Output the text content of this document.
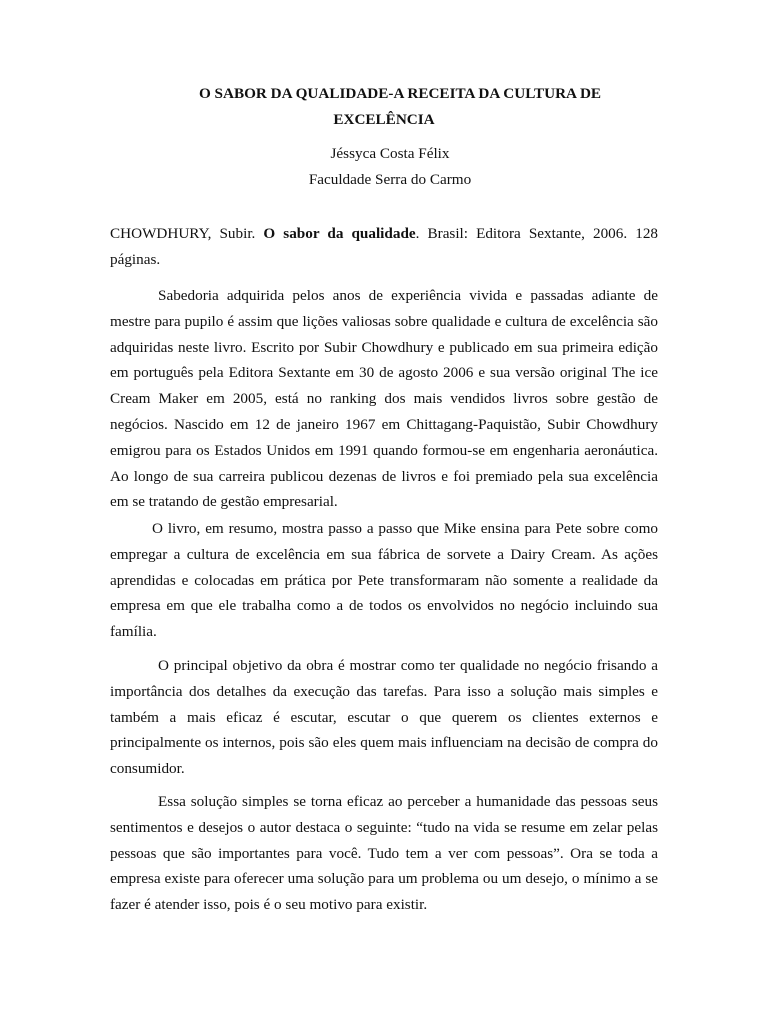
O SABOR DA QUALIDADE-A RECEITA DA CULTURA DE
EXCELÊNCIA
Jéssyca Costa Félix
Faculdade Serra do Carmo

CHOWDHURY, Subir. O sabor da qualidade. Brasil: Editora Sextante, 2006. 128 páginas.

Sabedoria adquirida pelos anos de experiência vivida e passadas adiante de mestre para pupilo é assim que lições valiosas sobre qualidade e cultura de excelência são adquiridas neste livro. Escrito por Subir Chowdhury e publicado em sua primeira edição em português pela Editora Sextante em 30 de agosto 2006 e sua versão original The ice Cream Maker em 2005, está no ranking dos mais vendidos livros sobre gestão de negócios. Nascido em 12 de janeiro 1967 em Chittagang-Paquistão, Subir Chowdhury emigrou para os Estados Unidos em 1991 quando formou-se em engenharia aeronáutica. Ao longo de sua carreira publicou dezenas de livros e foi premiado pela sua excelência em se tratando de gestão empresarial.

O livro, em resumo, mostra passo a passo que Mike ensina para Pete sobre como empregar a cultura de excelência em sua fábrica de sorvete a Dairy Cream. As ações aprendidas e colocadas em prática por Pete transformaram não somente a realidade da empresa em que ele trabalha como a de todos os envolvidos no negócio incluindo sua família.

O principal objetivo da obra é mostrar como ter qualidade no negócio frisando a importância dos detalhes da execução das tarefas. Para isso a solução mais simples e também a mais eficaz é escutar, escutar o que querem os clientes externos e principalmente os internos, pois são eles quem mais influenciam na decisão de compra do consumidor.

Essa solução simples se torna eficaz ao perceber a humanidade das pessoas seus sentimentos e desejos o autor destaca o seguinte: “tudo na vida se resume em zelar pelas pessoas que são importantes para você. Tudo tem a ver com pessoas”. Ora se toda a empresa existe para oferecer uma solução para um problema ou um desejo, o mínimo a se fazer é atender isso, pois é o seu motivo para existir.
